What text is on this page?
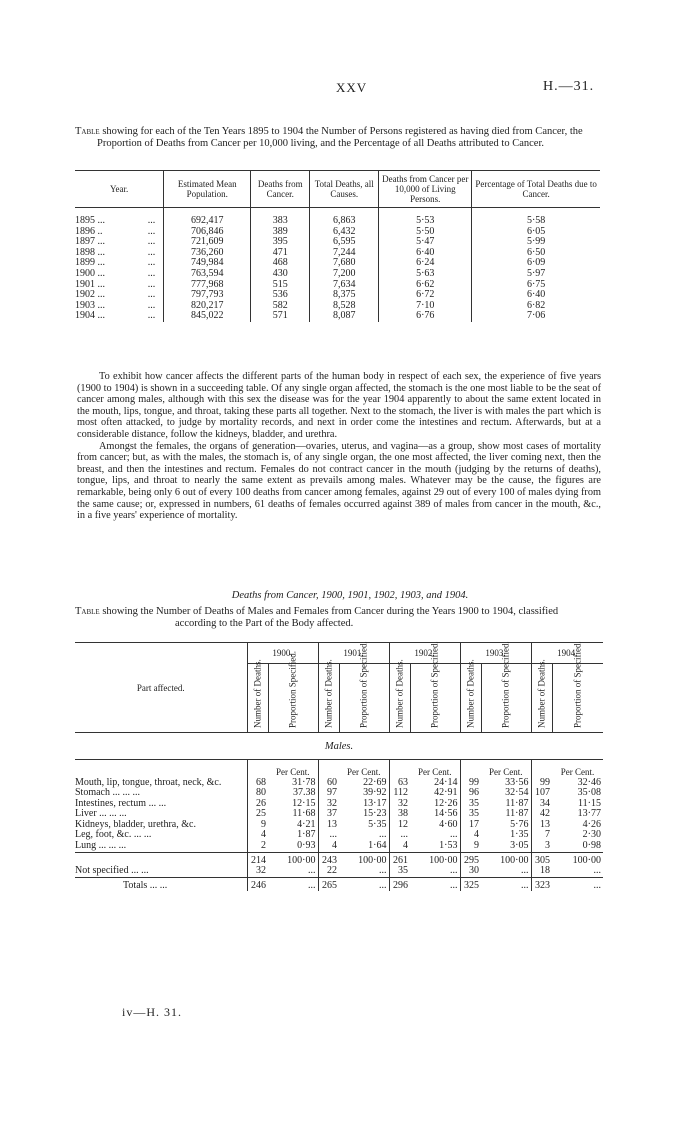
XXV	H.—31.
Table showing for each of the Ten Years 1895 to 1904 the Number of Persons registered as having died from Cancer, the Proportion of Deaths from Cancer per 10,000 living, and the Percentage of all Deaths attributed to Cancer.
Year.		Estimated Mean Population.	Deaths from Cancer.	Total Deaths, all Causes.	Deaths from Cancer per 10,000 of Living Persons.	Percentage of Total Deaths due to Cancer.
1895 ...	...	692,417	383	6,863	5·53	5·58
1896 ..	...	706,846	389	6,432	5·50	6·05
1897 ...	...	721,609	395	6,595	5·47	5·99
1898 ...	...	736,260	471	7,244	6·40	6·50
1899 ...	...	749,984	468	7,680	6·24	6·09
1900 ...	...	763,594	430	7,200	5·63	5·97
1901 ...	...	777,968	515	7,634	6·62	6·75
1902 ...	...	797,793	536	8,375	6·72	6·40
1903 ...	...	820,217	582	8,528	7·10	6·82
1904 ...	...	845,022	571	8,087	6·76	7·06

To exhibit how cancer affects the different parts of the human body in respect of each sex, the experience of five years (1900 to 1904) is shown in a succeeding table. Of any single organ affected, the stomach is the one most liable to be the seat of cancer among males, although with this sex the disease was for the year 1904 apparently to about the same extent located in the mouth, lips, tongue, and throat, taking these parts all together. Next to the stomach, the liver is with males the part which is most often attacked, to judge by mortality records, and next in order come the intestines and rectum. Afterwards, but at a considerable distance, follow the kidneys, bladder, and urethra.

Amongst the females, the organs of generation—ovaries, uterus, and vagina—as a group, show most cases of mortality from cancer; but, as with the males, the stomach is, of any single organ, the one most affected, the liver coming next, then the breast, and then the intestines and rectum. Females do not contract cancer in the mouth (judging by the returns of deaths), tongue, lips, and throat to nearly the same extent as prevails among males. Whatever may be the cause, the figures are remarkable, being only 6 out of every 100 deaths from cancer among females, against 29 out of every 100 of males dying from the same cause; or, expressed in numbers, 61 deaths of females occurred against 389 of males from cancer in the mouth, &c., in a five years' experience of mortality.

Deaths from Cancer, 1900, 1901, 1902, 1903, and 1904.
Table showing the Number of Deaths of Males and Females from Cancer during the Years 1900 to 1904, classified according to the Part of the Body affected.
Part affected.	1900.		1901.		1902.		1903.		1904.	

	Number of Deaths.	Proportion Specified.	Number of Deaths.	Proportion of Specified.	Number of Deaths.	Proportion of Specified.	Number of Deaths.	Proportion of Specified.	Number of Deaths.	Proportion of Specified.

Males.										
		Per Cent.		Per Cent.		Per Cent.		Per Cent.		Per Cent.
Mouth, lip, tongue, throat, neck, &c.	68	31·78	60	22·69	63	24·14	99	33·56	99	32·46
Stomach ... ... ...	80	37.38	97	39·92	112	42·91	96	32·54	107	35·08
Intestines, rectum ... ...	26	12·15	32	13·17	32	12·26	35	11·87	34	11·15
Liver ... ... ...	25	11·68	37	15·23	38	14·56	35	11·87	42	13·77
Kidneys, bladder, urethra, &c.	9	4·21	13	5·35	12	4·60	17	5·76	13	4·26
Leg, foot, &c. ... ...	4	1·87	...	...	...	...	4	1·35	7	2·30
Lung ... ... ...	2	0·93	4	1·64	4	1·53	9	3·05	3	0·98
	214	100·00	243	100·00	261	100·00	295	100·00	305	100·00
Not specified ... ...	32	...	22	...	35	...	30	...	18	...
Totals ... ...	246	...	265	...	296	...	325	...	323	...
iv—H. 31.
